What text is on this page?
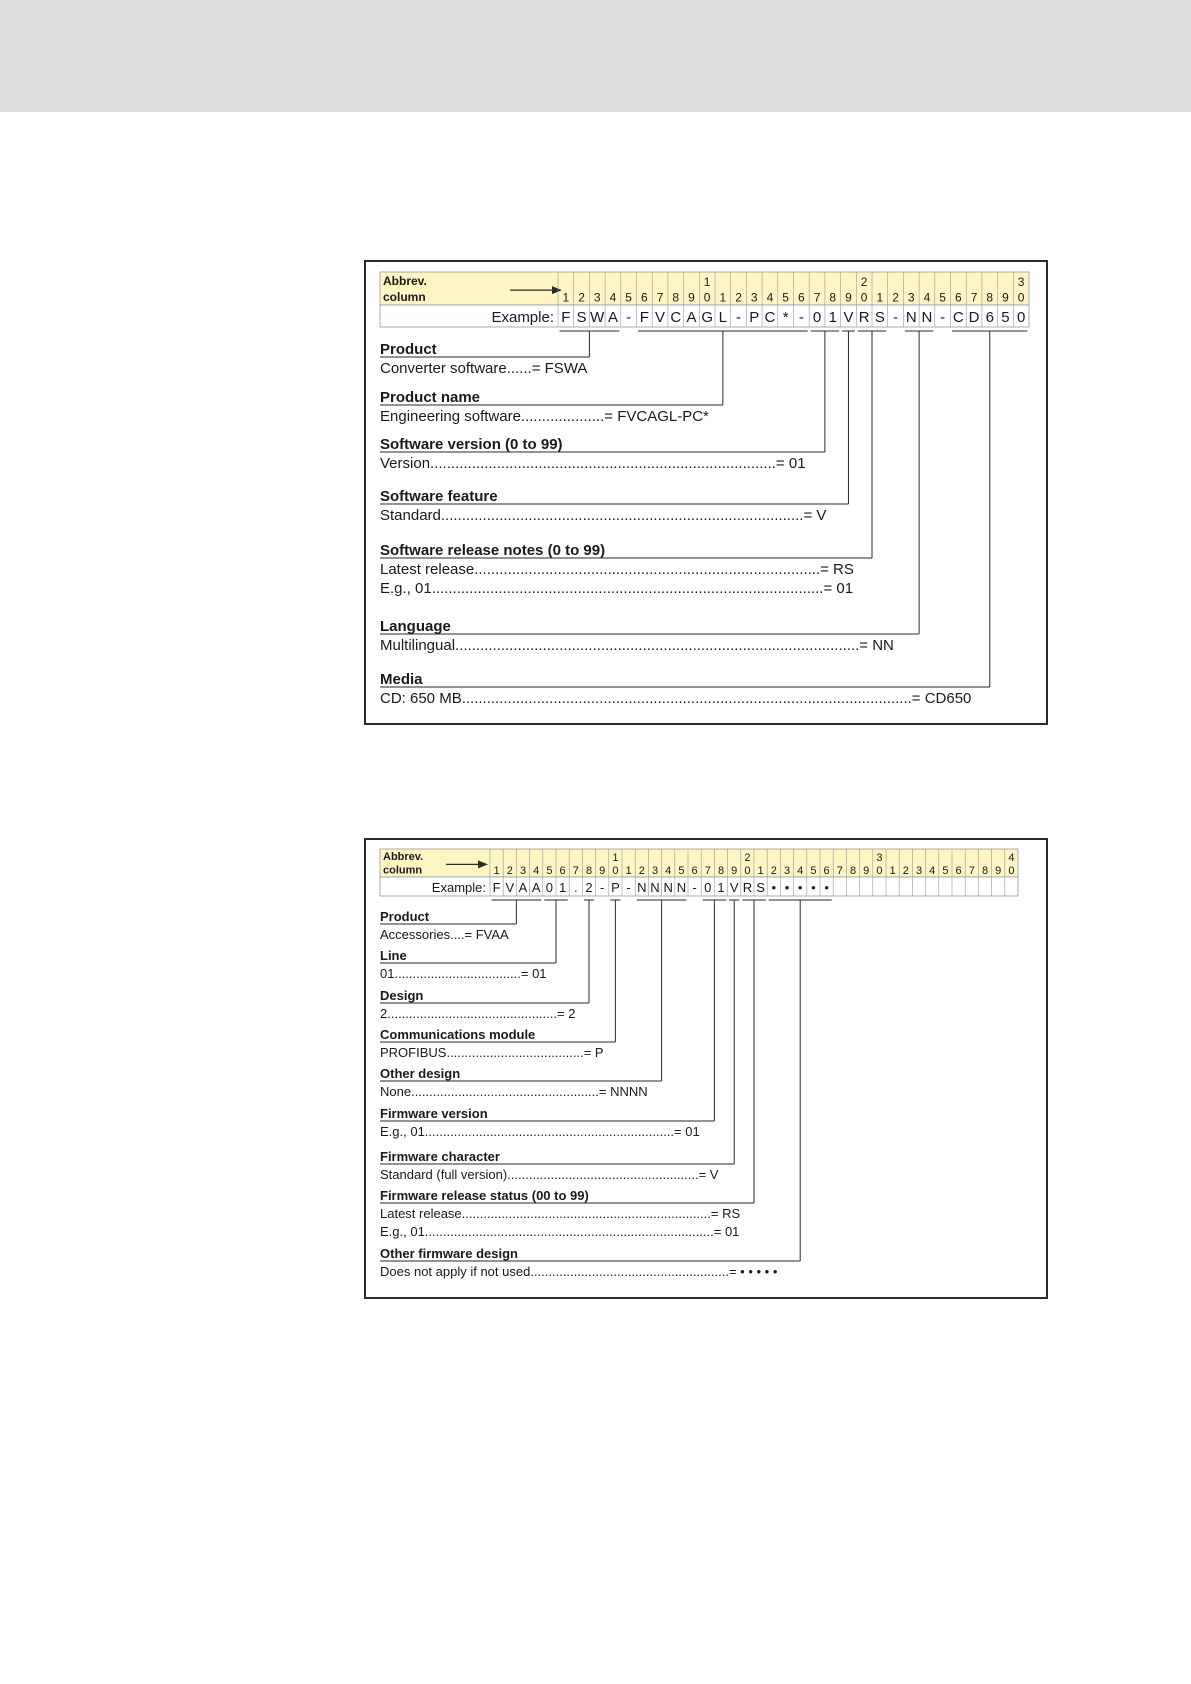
Abbrev.
column	1
F
2
S
3
W
4
A
5
-
6
F
7
V
8
C
9
A
1
0
G
1
L
2
-
3
P
4
C
5
*
6
-
7
0
8
1
9
V
2
0
R
1
S
2
-
3
N
4
N
5
-
6
C
7
D
8
6
9
5
3
0
0
Example:
Product
Converter software......= FSWA
Product name
Engineering software....................= FVCAGL-PC*
Software version (0 to 99)
Version...................................................................................= 01
Software feature
Standard.......................................................................................= V
Software release notes (0 to 99)
Latest release...................................................................................= RS
E.g., 01..............................................................................................= 01
Language
Multilingual.................................................................................................= NN
Media
CD: 650 MB............................................................................................................= CD650
Abbrev.
column	1
F
2
V
3
A
4
A
5
0
6
1
7
.
8
2
9
-
1
0
P
1
-
2
N
3
N
4
N
5
N
6
-
7
0
8
1
9
V
2
0
R
1
S
2
•
3
•
4
•
5
•
6
•
7 8 9
3
0 1 2 3 4 5 6 7 8 9
4
0
Example:
Product
Accessories....= FVAA
Line
01...................................= 01
Design
2...............................................= 2
Communications module
PROFIBUS......................................= P
Other design
None....................................................= NNNN
Firmware version
E.g., 01.....................................................................= 01
Firmware character
Standard (full version).....................................................= V
Firmware release status (00 to 99)
Latest release.....................................................................= RS
E.g., 01................................................................................= 01
Other firmware design
Does not apply if not used.......................................................= • • • • •
